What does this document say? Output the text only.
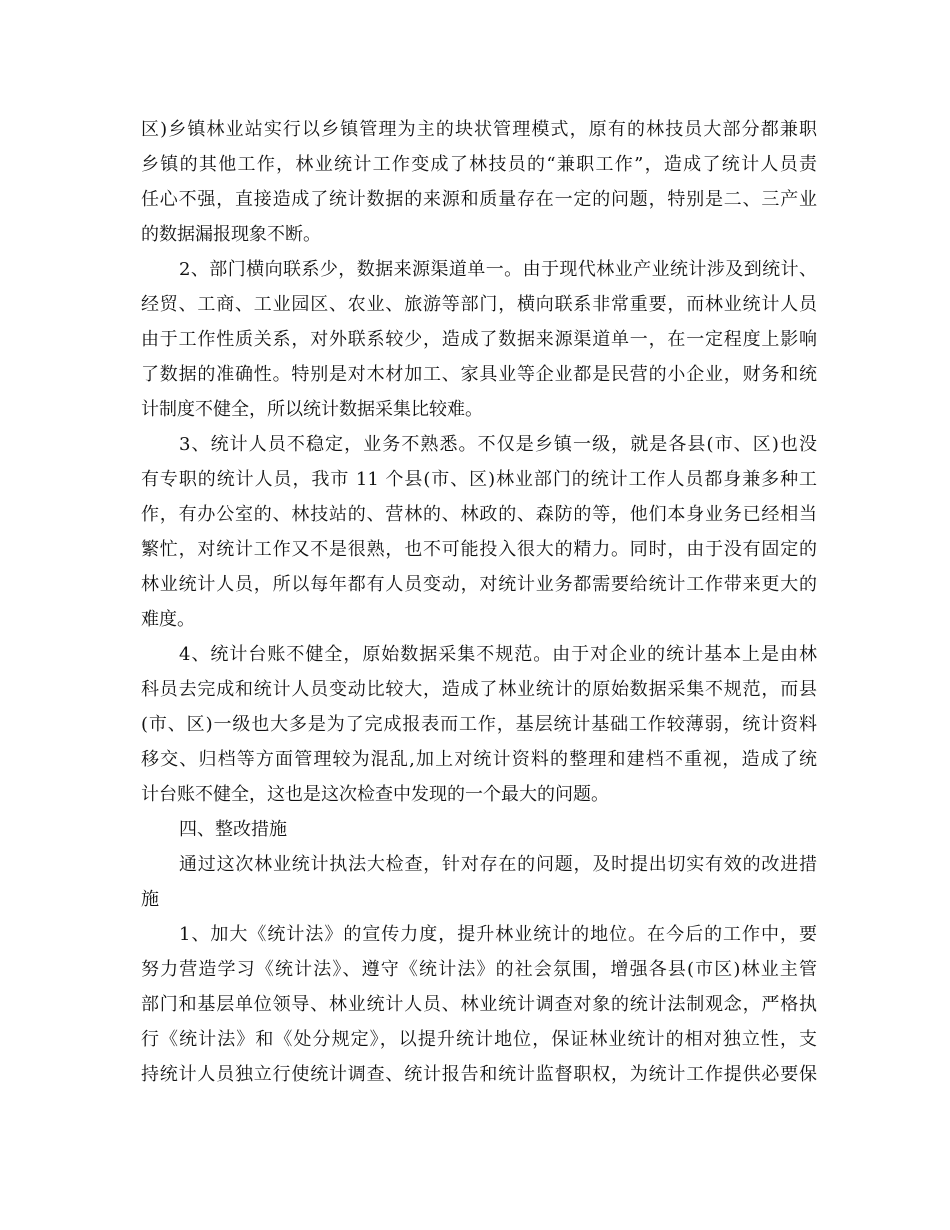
区)乡镇林业站实行以乡镇管理为主的块状管理模式，原有的林技员大部分都兼职
乡镇的其他工作，林业统计工作变成了林技员的“兼职工作”，造成了统计人员责
任心不强，直接造成了统计数据的来源和质量存在一定的问题，特别是二、三产业
的数据漏报现象不断。
2、部门横向联系少，数据来源渠道单一。由于现代林业产业统计涉及到统计、
经贸、工商、工业园区、农业、旅游等部门，横向联系非常重要，而林业统计人员
由于工作性质关系，对外联系较少，造成了数据来源渠道单一，在一定程度上影响
了数据的准确性。特别是对木材加工、家具业等企业都是民营的小企业，财务和统
计制度不健全，所以统计数据采集比较难。
3、统计人员不稳定，业务不熟悉。不仅是乡镇一级，就是各县(市、区)也没
有专职的统计人员，我市 11 个县(市、区)林业部门的统计工作人员都身兼多种工
作，有办公室的、林技站的、营林的、林政的、森防的等，他们本身业务已经相当
繁忙，对统计工作又不是很熟，也不可能投入很大的精力。同时，由于没有固定的
林业统计人员，所以每年都有人员变动，对统计业务都需要给统计工作带来更大的
难度。
4、统计台账不健全，原始数据采集不规范。由于对企业的统计基本上是由林
科员去完成和统计人员变动比较大，造成了林业统计的原始数据采集不规范，而县
(市、区)一级也大多是为了完成报表而工作，基层统计基础工作较薄弱，统计资料
移交、归档等方面管理较为混乱,加上对统计资料的整理和建档不重视，造成了统
计台账不健全，这也是这次检查中发现的一个最大的问题。
四、整改措施
通过这次林业统计执法大检查，针对存在的问题，及时提出切实有效的改进措
施
1、加大《统计法》的宣传力度，提升林业统计的地位。在今后的工作中，要
努力营造学习《统计法》、遵守《统计法》的社会氛围，增强各县(市区)林业主管
部门和基层单位领导、林业统计人员、林业统计调查对象的统计法制观念，严格执
行《统计法》和《处分规定》，以提升统计地位，保证林业统计的相对独立性，支
持统计人员独立行使统计调查、统计报告和统计监督职权，为统计工作提供必要保
